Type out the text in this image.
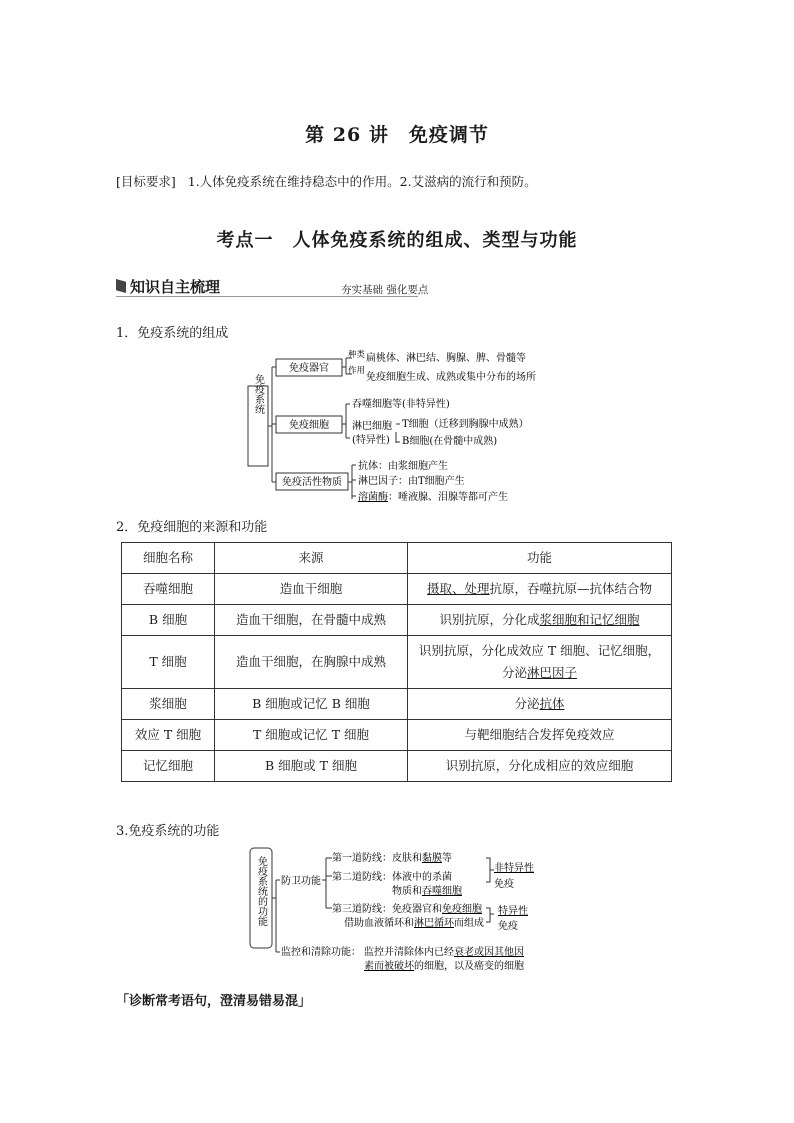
第 26 讲　免疫调节
[目标要求] 1.人体免疫系统在维持稳态中的作用。2.艾滋病的流行和预防。
考点一　人体免疫系统的组成、类型与功能
知识自主梳理	夯实基础 强化要点
1．免疫系统的组成
免疫系统
免疫器官
免疫细胞
免疫活性物质
种类 扁桃体、淋巴结、胸腺、脾、骨髓等
作用
免疫细胞生成、成熟或集中分布的场所
吞噬细胞等(非特异性)
淋巴细胞
(特异性)
T细胞（迁移到胸腺中成熟）
B细胞(在骨髓中成熟)
抗体：由浆细胞产生
淋巴因子：由T细胞产生
溶菌酶：唾液腺、泪腺等都可产生
2．免疫细胞的来源和功能
细胞名称	来源	功能
吞噬细胞	造血干细胞	摄取、处理抗原，吞噬抗原—抗体结合物
B 细胞	造血干细胞，在骨髓中成熟	识别抗原，分化成浆细胞和记忆细胞
T 细胞	造血干细胞，在胸腺中成熟	识别抗原，分化成效应 T 细胞、记忆细胞，分泌淋巴因子
浆细胞	B 细胞或记忆 B 细胞	分泌抗体
效应 T 细胞	T 细胞或记忆 T 细胞	与靶细胞结合发挥免疫效应
记忆细胞	B 细胞或 T 细胞	识别抗原，分化成相应的效应细胞
3.免疫系统的功能
免疫系统的功能 防卫功能
第一道防线：皮肤和黏膜等
第二道防线：体液中的杀菌
物质和吞噬细胞
非特异性
免疫
第三道防线：免疫器官和免疫细胞
借助血液循环和淋巴循环而组成
特异性
免疫
监控和清除功能： 监控并清除体内已经衰老或因其他因
素而被破坏的细胞，以及癌变的细胞
「诊断常考语句，澄清易错易混」
